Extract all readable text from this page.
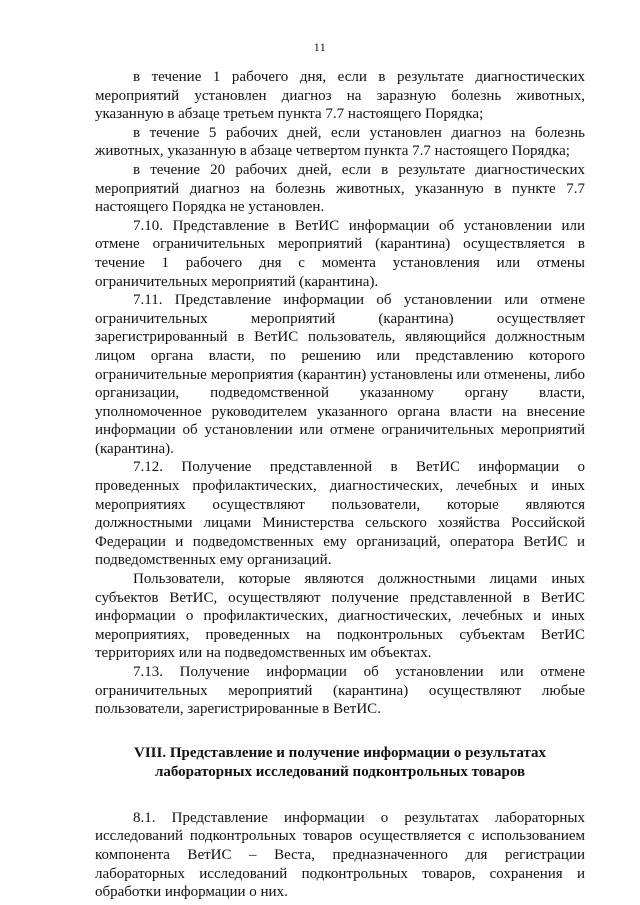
11

в течение 1 рабочего дня, если в результате диагностических мероприятий установлен диагноз на заразную болезнь животных, указанную в абзаце третьем пункта 7.7 настоящего Порядка;

в течение 5 рабочих дней, если установлен диагноз на болезнь животных, указанную в абзаце четвертом пункта 7.7 настоящего Порядка;

в течение 20 рабочих дней, если в результате диагностических мероприятий диагноз на болезнь животных, указанную в пункте 7.7 настоящего Порядка не установлен.

7.10. Представление в ВетИС информации об установлении или отмене ограничительных мероприятий (карантина) осуществляется в течение 1 рабочего дня с момента установления или отмены ограничительных мероприятий (карантина).

7.11. Представление информации об установлении или отмене ограничительных мероприятий (карантина) осуществляет зарегистрированный в ВетИС пользователь, являющийся должностным лицом органа власти, по решению или представлению которого ограничительные мероприятия (карантин) установлены или отменены, либо организации, подведомственной указанному органу власти, уполномоченное руководителем указанного органа власти на внесение информации об установлении или отмене ограничительных мероприятий (карантина).

7.12. Получение представленной в ВетИС информации о проведенных профилактических, диагностических, лечебных и иных мероприятиях осуществляют пользователи, которые являются должностными лицами Министерства сельского хозяйства Российской Федерации и подведомственных ему организаций, оператора ВетИС и подведомственных ему организаций.

Пользователи, которые являются должностными лицами иных субъектов ВетИС, осуществляют получение представленной в ВетИС информации о профилактических, диагностических, лечебных и иных мероприятиях, проведенных на подконтрольных субъектам ВетИС территориях или на подведомственных им объектах.

7.13. Получение информации об установлении или отмене ограничительных мероприятий (карантина) осуществляют любые пользователи, зарегистрированные в ВетИС.

VIII. Представление и получение информации о результатах
лабораторных исследований подконтрольных товаров

8.1. Представление информации о результатах лабораторных исследований подконтрольных товаров осуществляется с использованием компонента ВетИС – Веста, предназначенного для регистрации лабораторных исследований подконтрольных товаров, сохранения и обработки информации о них.
